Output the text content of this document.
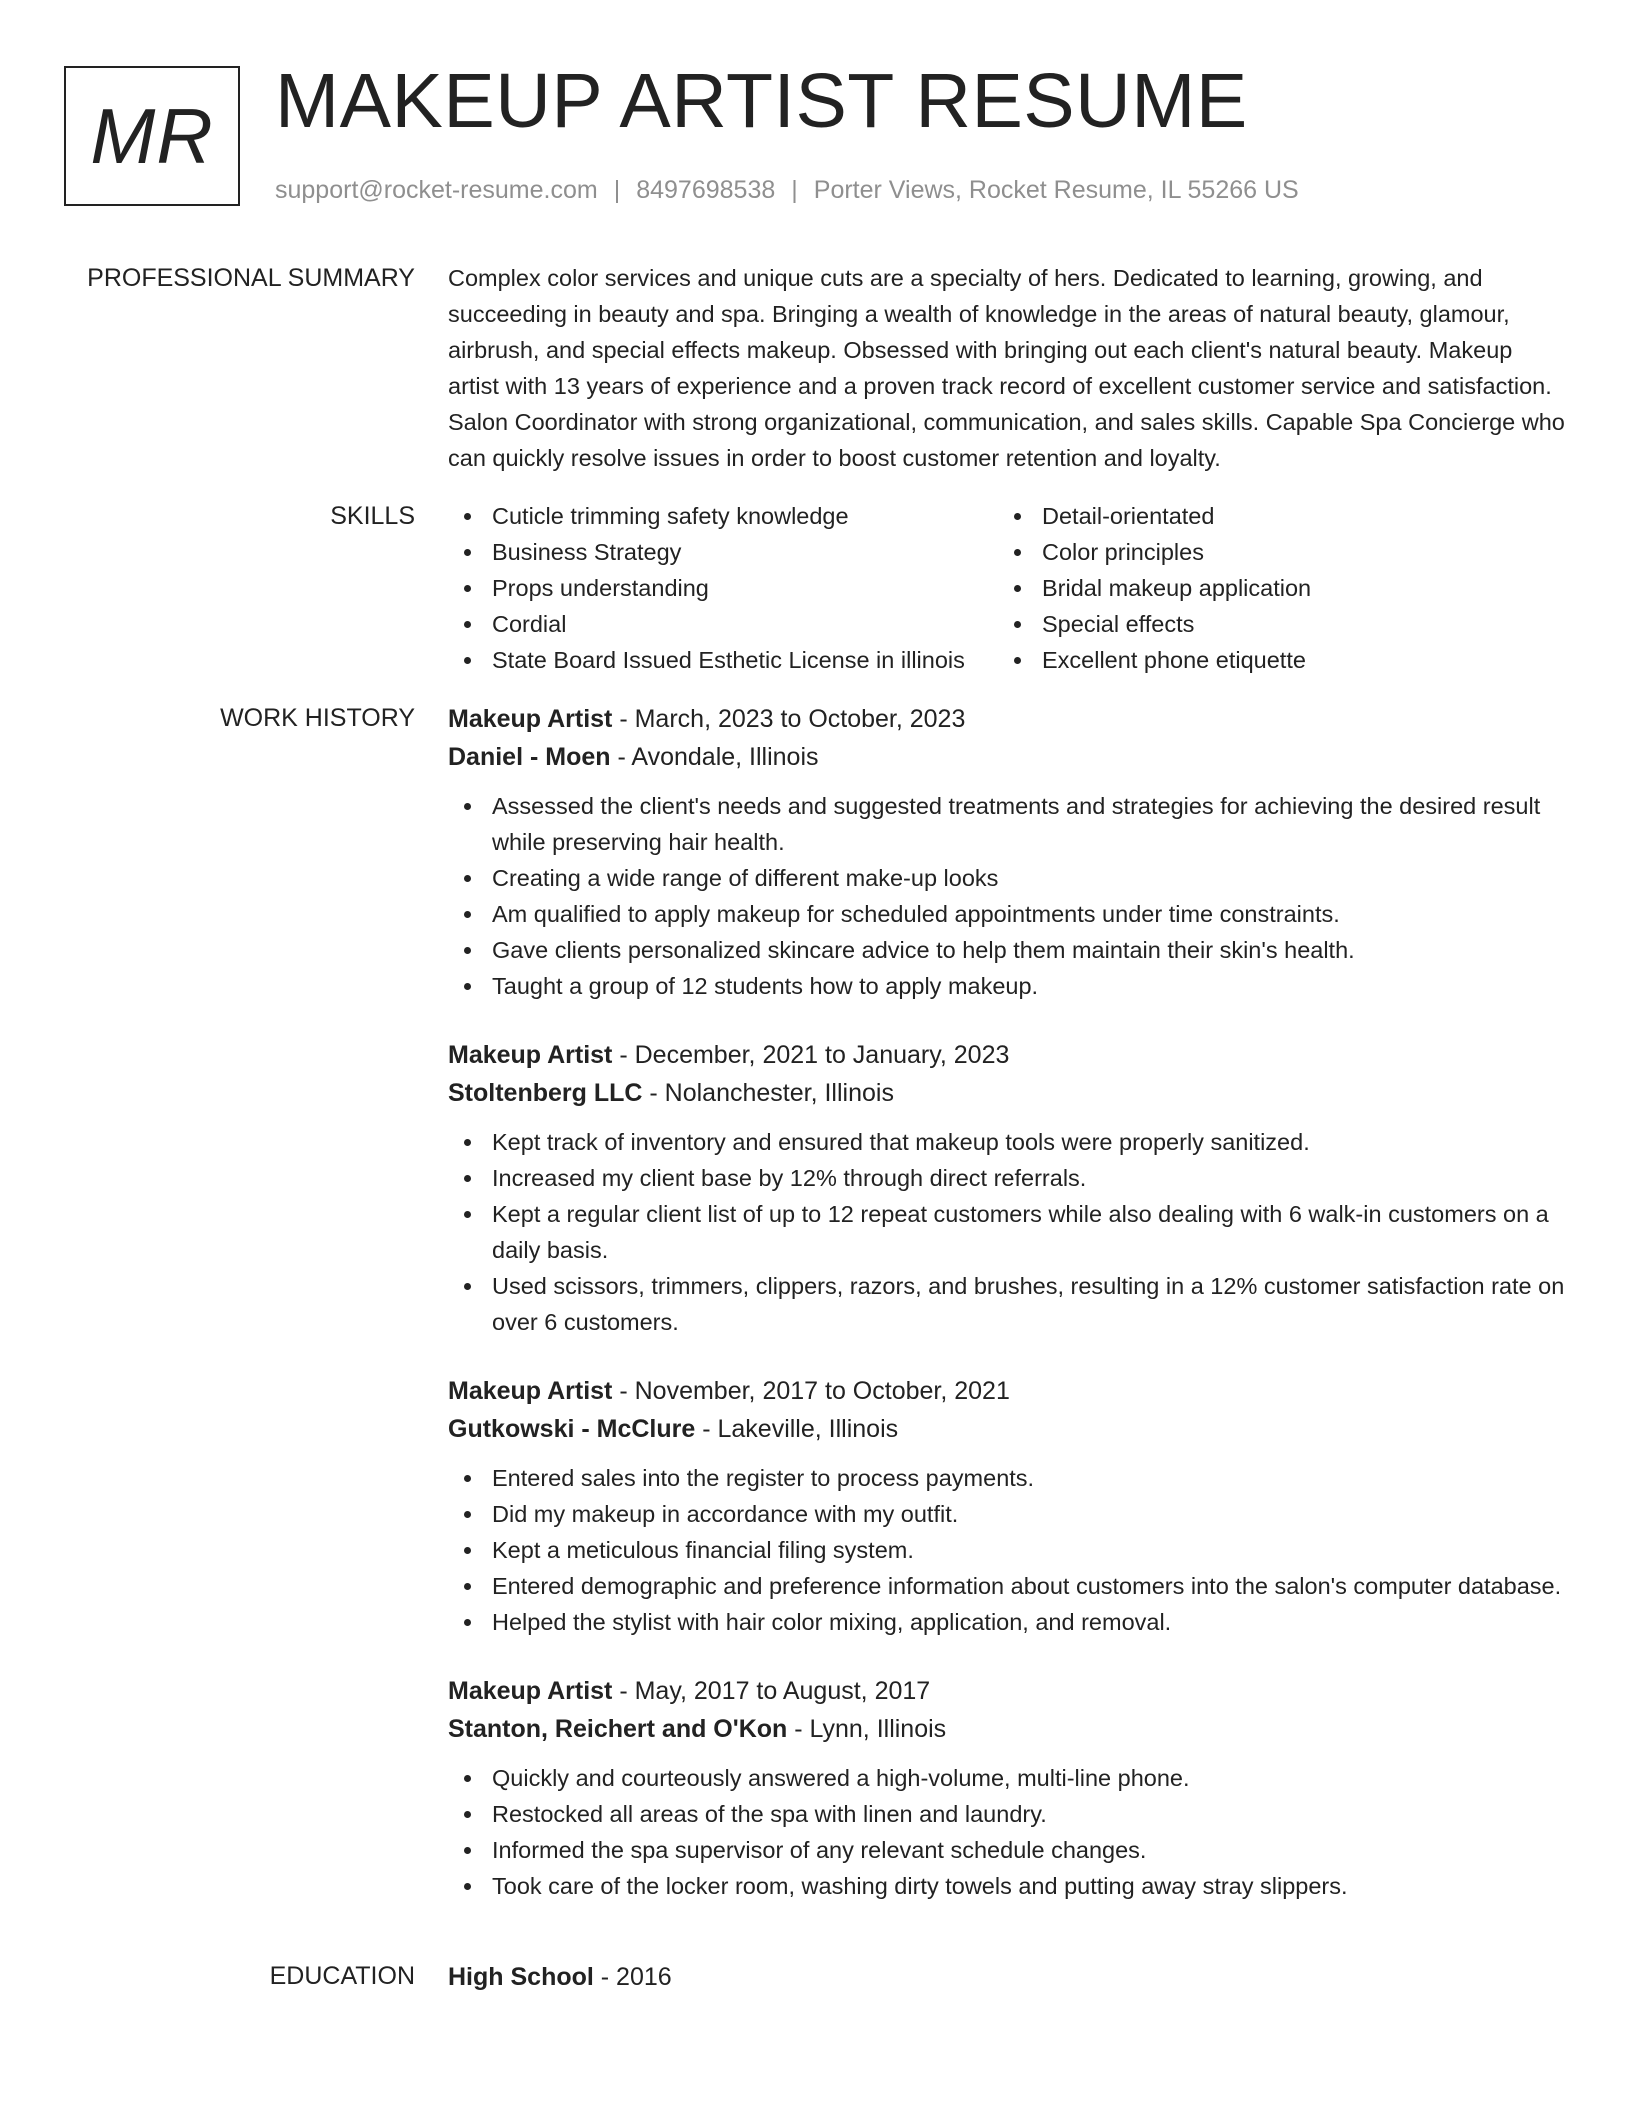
MR MAKEUP ARTIST RESUME
support@rocket-resume.com | 8497698538 | Porter Views, Rocket Resume, IL 55266 US
PROFESSIONAL SUMMARY Complex color services and unique cuts are a specialty of hers. Dedicated to learning, growing, and succeeding in beauty and spa. Bringing a wealth of knowledge in the areas of natural beauty, glamour, airbrush, and special effects makeup. Obsessed with bringing out each client's natural beauty. Makeup artist with 13 years of experience and a proven track record of excellent customer service and satisfaction. Salon Coordinator with strong organizational, communication, and sales skills. Capable Spa Concierge who can quickly resolve issues in order to boost customer retention and loyalty.

SKILLS	Cuticle trimming safety knowledge
Business Strategy
Props understanding
Cordial
State Board Issued Esthetic License in illinois
Detail-orientated
Color principles
Bridal makeup application
Special effects
Excellent phone etiquette
WORK HISTORY Makeup Artist - March, 2023 to October, 2023
Daniel - Moen - Avondale, Illinois
Assessed the client's needs and suggested treatments and strategies for achieving the desired result while preserving hair health.
Creating a wide range of different make-up looks
Am qualified to apply makeup for scheduled appointments under time constraints.
Gave clients personalized skincare advice to help them maintain their skin's health.
Taught a group of 12 students how to apply makeup.
Makeup Artist - December, 2021 to January, 2023
Stoltenberg LLC - Nolanchester, Illinois
Kept track of inventory and ensured that makeup tools were properly sanitized.
Increased my client base by 12% through direct referrals.
Kept a regular client list of up to 12 repeat customers while also dealing with 6 walk-in customers on a daily basis.
Used scissors, trimmers, clippers, razors, and brushes, resulting in a 12% customer satisfaction rate on over 6 customers.
Makeup Artist - November, 2017 to October, 2021
Gutkowski - McClure - Lakeville, Illinois
Entered sales into the register to process payments.
Did my makeup in accordance with my outfit.
Kept a meticulous financial filing system.
Entered demographic and preference information about customers into the salon's computer database.
Helped the stylist with hair color mixing, application, and removal.
Makeup Artist - May, 2017 to August, 2017
Stanton, Reichert and O'Kon - Lynn, Illinois
Quickly and courteously answered a high-volume, multi-line phone.
Restocked all areas of the spa with linen and laundry.
Informed the spa supervisor of any relevant schedule changes.
Took care of the locker room, washing dirty towels and putting away stray slippers.
EDUCATION High School - 2016
